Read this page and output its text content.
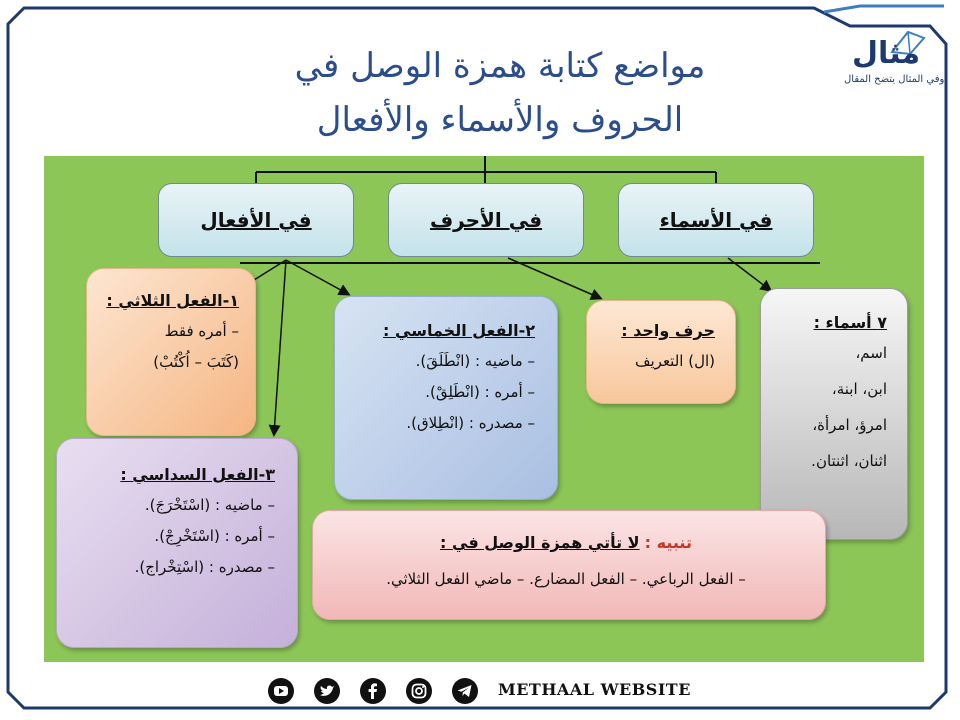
مواضع كتابة همزة الوصل في
الحروف والأسماء والأفعال
مثال
وفي المثال يتضح المقال
في الأفعال	في الأحرف	في الأسماء
١-الفعل الثلاثي :
– أمره فقط
(كَتَبَ – اُكْتُبْ)
٢-الفعل الخماسي :
– ماضيه : (انْطَلَقَ).
– أمره : (انْطَلِقْ).
– مصدره : (انْطِلاق).
حرف واحد :
(ال) التعريف
٧ أسماء :
اسم،
ابن، ابنة،
امرؤ، امرأة،
اثنان، اثنتان.
٣-الفعل السداسي :
– ماضيه : (اسْتَخْرَجَ).
– أمره : (اسْتَخْرِجْ).
– مصدره : (اسْتِخْراج).
تنبيه : لا تأتي همزة الوصل في :
– الفعل الرباعي. – الفعل المضارع. – ماضي الفعل الثلاثي.
METHAAL WEBSITE
